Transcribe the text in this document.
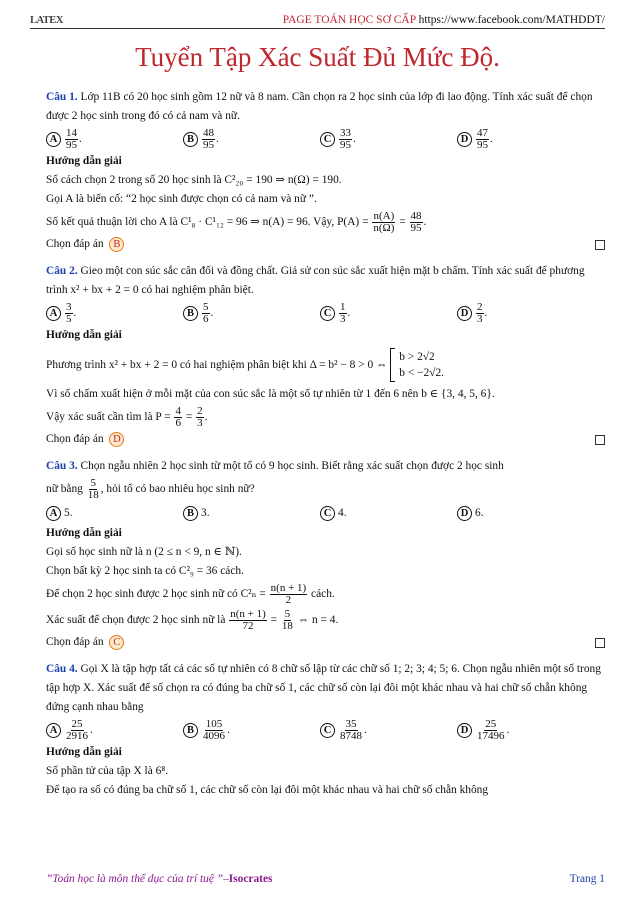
LATEX	PAGE TOÁN HỌC SƠ CẤP https://www.facebook.com/MATHDDT/
Tuyển Tập Xác Suất Đủ Mức Độ.

Câu 1. Lớp 11B có 20 học sinh gồm 12 nữ và 8 nam. Cần chọn ra 2 học sinh của lớp đi lao động. Tính xác suất để chọn được 2 học sinh trong đó có cả nam và nữ.

A $\frac{14}{95}$ .	B $\frac{48}{95}$ .	C $\frac{33}{95}$ .	D $\frac{47}{95}$ .

Hướng dẫn giải

Số cách chọn 2 trong số 20 học sinh là C²₂₀ = 190 ⇒ n(Ω) = 190.

Gọi A là biến cố: “2 học sinh được chọn có cả nam và nữ ”.

Số kết quả thuận lời cho A là C¹₈ · C¹₁₂ = 96 ⇒ n(A) = 96. Vậy, $P(A) = \frac{n(A)}{n(\Omega)} = \frac{48}{95}$ .

Chọn đáp án B

Câu 2. Gieo một con súc sắc cân đối và đồng chất. Giả sử con súc sắc xuất hiện mặt b chấm. Tính xác suất để phương trình x² + bx + 2 = 0 có hai nghiệm phân biệt.

A $\frac{3}{5}$ .	B $\frac{5}{6}$ .	C $\frac{1}{3}$ .	D $\frac{2}{3}$ .

Hướng dẫn giải

Phương trình x² + bx + 2 = 0 có hai nghiệm phân biệt khi Δ = b² − 8 > 0 ⇔

b > 2√2
b < −2√2.

Vì số chấm xuất hiện ở mỗi mặt của con súc sắc là một số tự nhiên từ 1 đến 6 nên b ∈ {3, 4, 5, 6}.

Vậy xác suất cần tìm là $P = \frac{4}{6} = \frac{2}{3}$ .

Chọn đáp án D

Câu 3. Chọn ngẫu nhiên 2 học sinh từ một tổ có 9 học sinh. Biết rằng xác suất chọn được 2 học sinh

nữ bằng $\frac{5}{18}$ , hỏi tổ có bao nhiêu học sinh nữ?

A 5.	B 3.	C 4.	D 6.

Hướng dẫn giải

Gọi số học sinh nữ là n (2 ≤ n < 9, n ∈ ℕ).

Chọn bất kỳ 2 học sinh ta có C²₉ = 36 cách.

Để chọn 2 học sinh được 2 học sinh nữ có $C^2_n = \frac{n(n + 1)}{2}$ cách.

Xác suất để chọn được 2 học sinh nữ là $\frac{n(n + 1)}{72} = \frac{5}{18}$ ⇔ n = 4.

Chọn đáp án C

Câu 4. Gọi X là tập hợp tất cả các số tự nhiên có 8 chữ số lập từ các chữ số 1; 2; 3; 4; 5; 6. Chọn ngẫu nhiên một số trong tập hợp X. Xác suất để số chọn ra có đúng ba chữ số 1, các chữ số còn lại đôi một khác nhau và hai chữ số chẵn không đứng cạnh nhau bằng

A $\frac{25}{2916}$ .	B $\frac{105}{4096}$ .	C $\frac{35}{8748}$ .	D $\frac{25}{17496}$ .

Hướng dẫn giải

Số phần tử của tập X là 6⁸.

Để tạo ra số có đúng ba chữ số 1, các chữ số còn lại đôi một khác nhau và hai chữ số chẵn không

”Toán học là môn thể dục của trí tuệ ”–Isocrates	Trang 1
